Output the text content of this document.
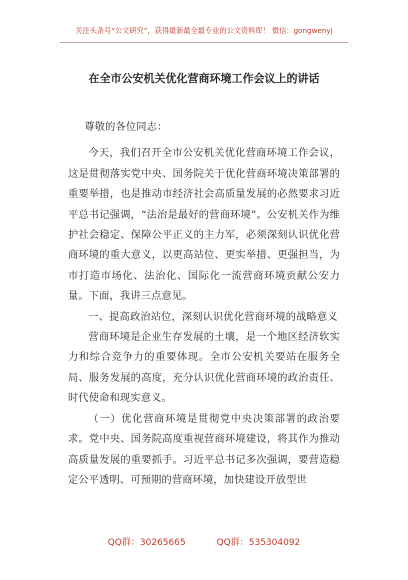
关注头条号“公文研究”，获得最新最全最专业的公文资料库！ 微信：gongwenyj
在全市公安机关优化营商环境工作会议上的讲话

尊敬的各位同志：

今天，我们召开全市公安机关优化营商环境工作会议，这是贯彻落实党中央、国务院关于优化营商环境决策部署的重要举措，也是推动市经济社会高质量发展的必然要求习近平总书记强调，“法治是最好的营商环境”。公安机关作为维护社会稳定、保障公平正义的主力军，必须深刻认识优化营商环境的重大意义，以更高站位、更实举措、更强担当，为市打造市场化、法治化、国际化一流营商环境贡献公安力量。下面，我讲三点意见。

一、提高政治站位，深刻认识优化营商环境的战略意义

营商环境是企业生存发展的土壤，是一个地区经济软实力和综合竞争力的重要体现。全市公安机关要站在服务全局、服务发展的高度，充分认识优化营商环境的政治责任、时代使命和现实意义。

（一）优化营商环境是贯彻党中央决策部署的政治要求。党中央、国务院高度重视营商环境建设，将其作为推动高质量发展的重要抓手。习近平总书记多次强调，要营造稳定公平透明、可预期的营商环境，加快建设开放型世

QQ群：30265665	QQ群：535304092
